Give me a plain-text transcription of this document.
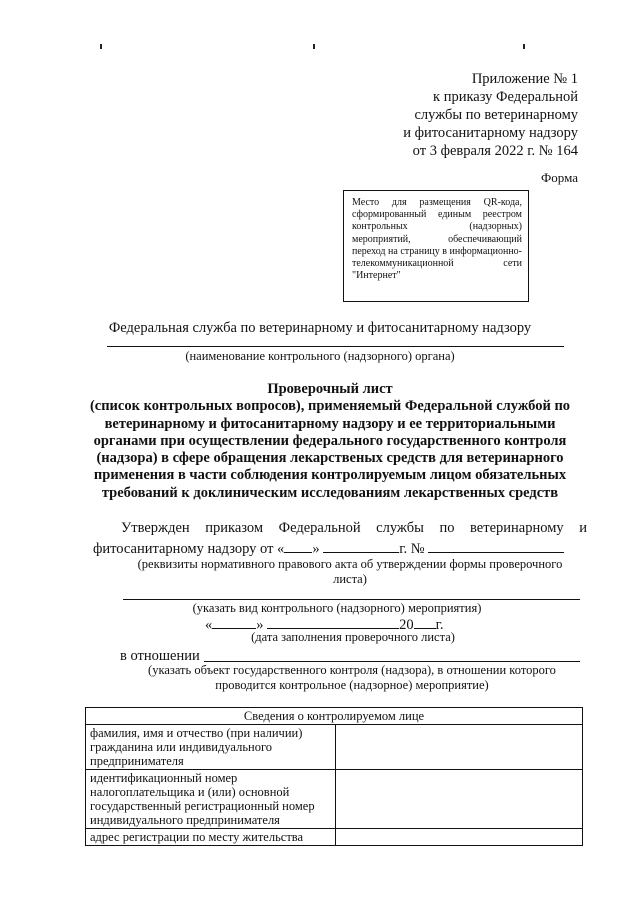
Приложение № 1
к приказу Федеральной
службы по ветеринарному
и фитосанитарному надзору
от 3 февраля 2022 г. № 164
Форма
Место для размещения QR-кода, сформированный единым реестром контрольных (надзорных) мероприятий, обеспечивающий переход на страницу в информационно-телекоммуникационной сети "Интернет"
Федеральная служба по ветеринарному и фитосанитарному надзору
(наименование контрольного (надзорного) органа)
Проверочный лист
(список контрольных вопросов), применяемый Федеральной службой по
ветеринарному и фитосанитарному надзору и ее территориальными
органами при осуществлении федерального государственного контроля
(надзора) в сфере обращения лекарственых средств для ветеринарного
применения в части соблюдения контролируемым лицом обязательных
требований к доклиническим исследованиям лекарственных средств
Утвержден приказом Федеральной службы по ветеринарному и
фитосанитарному надзору от « »	г. №
(реквизиты нормативного правового акта об утверждении формы проверочного листа)
(указать вид контрольного (надзорного) мероприятия)
«	»	20 г.
(дата заполнения проверочного листа)
в отношении
(указать объект государственного контроля (надзора), в отношении которого проводится контрольное (надзорное) мероприятие)
Сведения о контролируемом лице	
фамилия, имя и отчество (при наличии) гражданина или индивидуального предпринимателя	
идентификационный номер налогоплательщика и (или) основной государственный регистрационный номер индивидуального предпринимателя	
адрес регистрации по месту жительства	
